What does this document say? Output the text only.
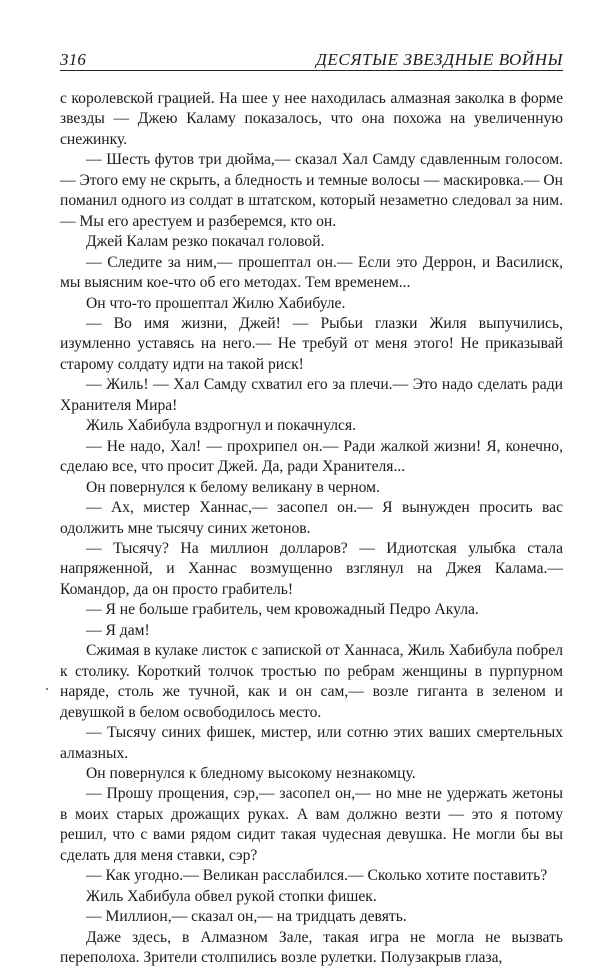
316	ДЕСЯТЫЕ ЗВЕЗДНЫЕ ВОЙНЫ

с королевской грацией. На шее у нее находилась алмазная заколка в форме звезды — Джею Каламу показалось, что она похожа на увеличенную снежинку.

— Шесть футов три дюйма,— сказал Хал Самду сдавленным голосом.— Этого ему не скрыть, а бледность и темные волосы — маскировка.— Он поманил одного из солдат в штатском, который незаметно следовал за ним.— Мы его арестуем и разберемся, кто он.

Джей Калам резко покачал головой.

— Следите за ним,— прошептал он.— Если это Деррон, и Василиск, мы выясним кое-что об его методах. Тем временем...

Он что-то прошептал Жилю Хабибуле.

— Во имя жизни, Джей! — Рыбьи глазки Жиля выпучились, изумленно уставясь на него.— Не требуй от меня этого! Не приказывай старому солдату идти на такой риск!

— Жиль! — Хал Самду схватил его за плечи.— Это надо сделать ради Хранителя Мира!

Жиль Хабибула вздрогнул и покачнулся.

— Не надо, Хал! — прохрипел он.— Ради жалкой жизни! Я, конечно, сделаю все, что просит Джей. Да, ради Хранителя...

Он повернулся к белому великану в черном.

— Ах, мистер Ханнас,— засопел он.— Я вынужден просить вас одолжить мне тысячу синих жетонов.

— Тысячу? На миллион долларов? — Идиотская улыбка стала напряженной, и Ханнас возмущенно взглянул на Джея Калама.— Командор, да он просто грабитель!

— Я не больше грабитель, чем кровожадный Педро Акула.

— Я дам!

Сжимая в кулаке листок с запиской от Ханнаса, Жиль Хабибула побрел к столику. Короткий толчок тростью по ребрам женщины в пурпурном наряде, столь же тучной, как и он сам,— возле гиганта в зеленом и девушкой в белом освободилось место.

— Тысячу синих фишек, мистер, или сотню этих ваших смертельных алмазных.

Он повернулся к бледному высокому незнакомцу.

— Прошу прощения, сэр,— засопел он,— но мне не удержать жетоны в моих старых дрожащих руках. А вам должно везти — это я потому решил, что с вами рядом сидит такая чудесная девушка. Не могли бы вы сделать для меня ставки, сэр?

— Как угодно.— Великан расслабился.— Сколько хотите поставить?

Жиль Хабибула обвел рукой стопки фишек.

— Миллион,— сказал он,— на тридцать девять.

Даже здесь, в Алмазном Зале, такая игра не могла не вызвать переполоха. Зрители столпились возле рулетки. Полузакрыв глаза,
